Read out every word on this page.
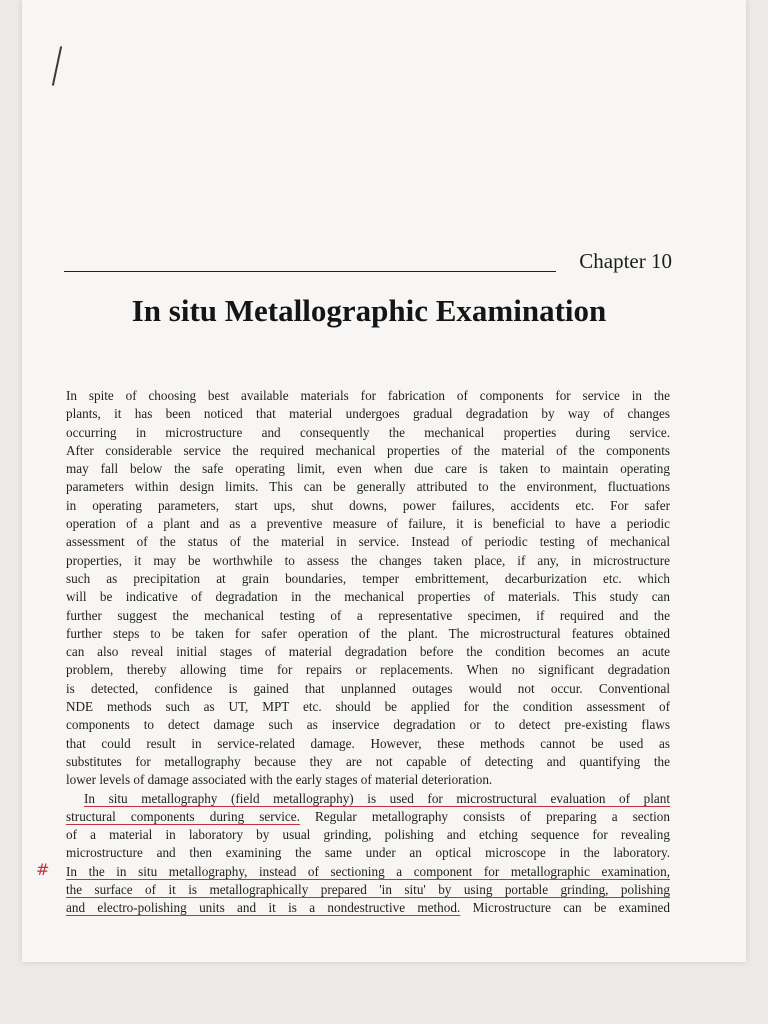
Chapter 10
In situ Metallographic Examination
#
In spite of choosing best available materials for fabrication of components for service in the
plants, it has been noticed that material undergoes gradual degradation by way of changes
occurring in microstructure and consequently the mechanical properties during service.
After considerable service the required mechanical properties of the material of the components
may fall below the safe operating limit, even when due care is taken to maintain operating
parameters within design limits. This can be generally attributed to the environment, fluctuations
in operating parameters, start ups, shut downs, power failures, accidents etc. For safer
operation of a plant and as a preventive measure of failure, it is beneficial to have a periodic
assessment of the status of the material in service. Instead of periodic testing of mechanical
properties, it may be worthwhile to assess the changes taken place, if any, in microstructure
such as precipitation at grain boundaries, temper embrittement, decarburization etc. which
will be indicative of degradation in the mechanical properties of materials. This study can
further suggest the mechanical testing of a representative specimen, if required and the
further steps to be taken for safer operation of the plant. The microstructural features obtained
can also reveal initial stages of material degradation before the condition becomes an acute
problem, thereby allowing time for repairs or replacements. When no significant degradation
is detected, confidence is gained that unplanned outages would not occur. Conventional
NDE methods such as UT, MPT etc. should be applied for the condition assessment of
components to detect damage such as inservice degradation or to detect pre-existing flaws
that could result in service-related damage. However, these methods cannot be used as
substitutes for metallography because they are not capable of detecting and quantifying the
lower levels of damage associated with the early stages of material deterioration.
In situ metallography (field metallography) is used for microstructural evaluation of plant
structural components during service. Regular metallography consists of preparing a section
of a material in laboratory by usual grinding, polishing and etching sequence for revealing
microstructure and then examining the same under an optical microscope in the laboratory.
In the in situ metallography, instead of sectioning a component for metallographic examination,
the surface of it is metallographically prepared 'in situ' by using portable grinding, polishing
and electro-polishing units and it is a nondestructive method. Microstructure can be examined
